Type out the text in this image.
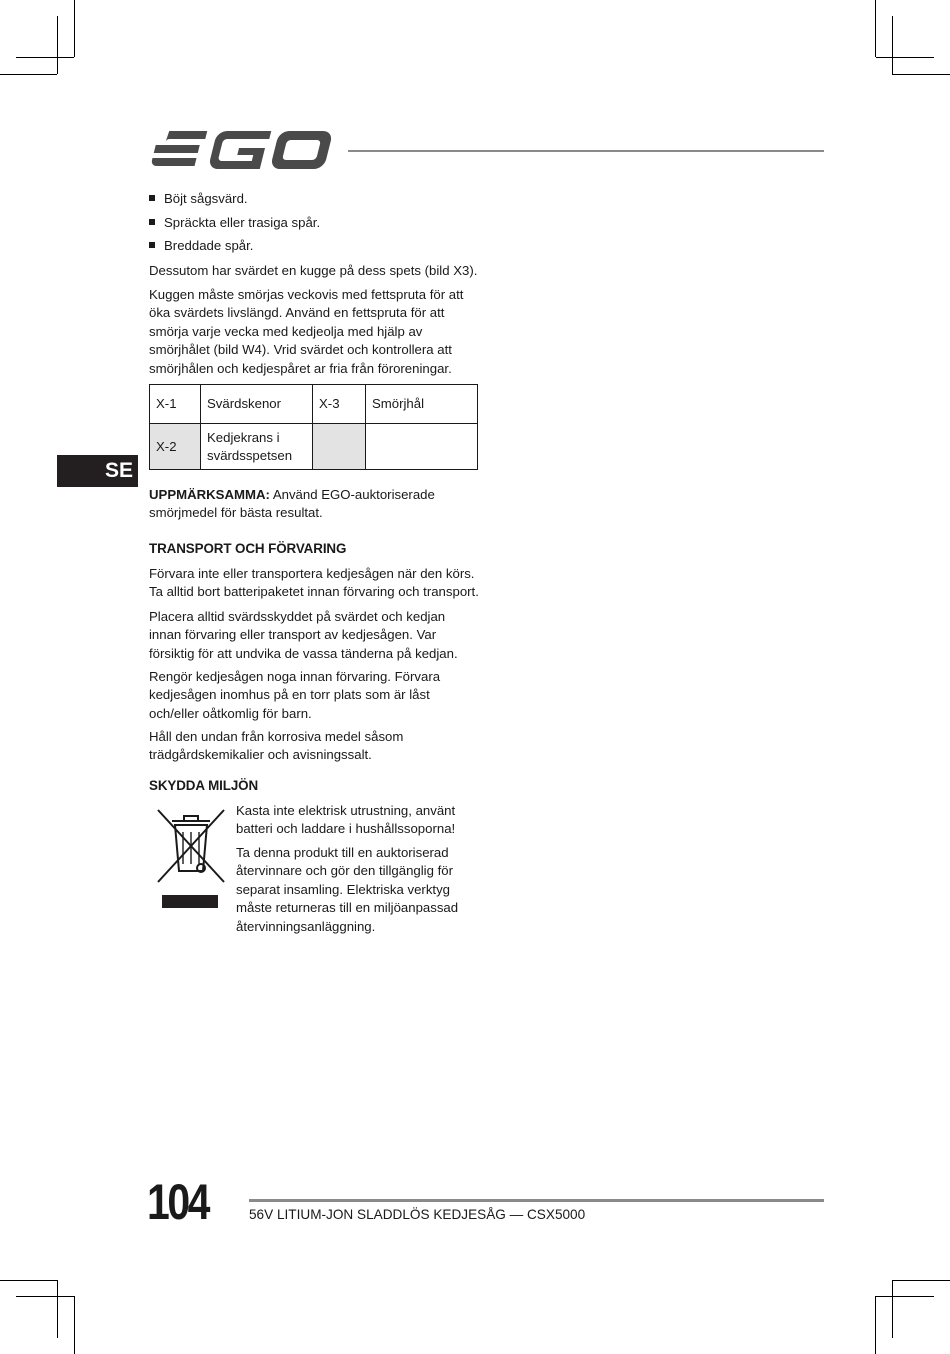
Böjt sågsvärd.
Spräckta eller trasiga spår.
Breddade spår.

Dessutom har svärdet en kugge på dess spets (bild X3).

Kuggen måste smörjas veckovis med fettspruta för att öka svärdets livslängd. Använd en fettspruta för att smörja varje vecka med kedjeolja med hjälp av smörjhålet (bild W4). Vrid svärdet och kontrollera att smörjhålen och kedjespåret ar fria från föroreningar.

X-1	Svärdskenor	X-3	Smörjhål
X-2	Kedjekrans i svärdsspetsen		
SE

UPPMÄRKSAMMA: Använd EGO-auktoriserade smörjmedel för bästa resultat.

TRANSPORT OCH FÖRVARING

Förvara inte eller transportera kedjesågen när den körs. Ta alltid bort batteripaketet innan förvaring och transport.

Placera alltid svärdsskyddet på svärdet och kedjan innan förvaring eller transport av kedjesågen. Var försiktig för att undvika de vassa tänderna på kedjan.

Rengör kedjesågen noga innan förvaring. Förvara kedjesågen inomhus på en torr plats som är låst och/eller oåtkomlig för barn.

Håll den undan från korrosiva medel såsom trädgårdskemikalier och avisningssalt.

SKYDDA MILJÖN

Kasta inte elektrisk utrustning, använt batteri och laddare i hushållssoporna!

Ta denna produkt till en auktoriserad återvinnare och gör den tillgänglig för separat insamling. Elektriska verktyg måste returneras till en miljöanpassad återvinningsanläggning.

104	56V LITIUM-JON SLADDLÖS KEDJESÅG — CSX5000
